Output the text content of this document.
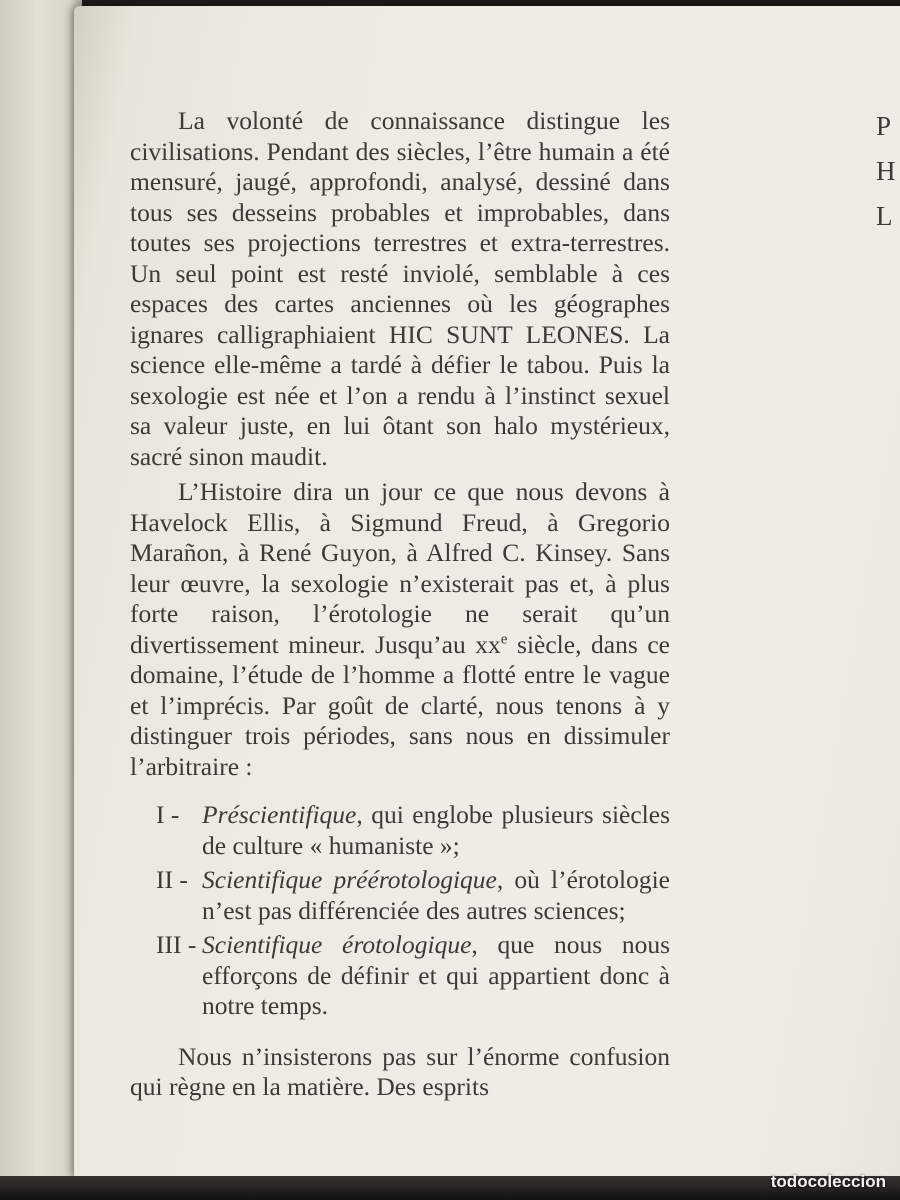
La volonté de connaissance distingue les civilisations. Pendant des siècles, l’être humain a été mensuré, jaugé, approfondi, analysé, dessiné dans tous ses desseins probables et improbables, dans toutes ses projections terrestres et extra-terrestres. Un seul point est resté inviolé, semblable à ces espaces des cartes anciennes où les géographes ignares calligraphiaient HIC SUNT LEONES. La science elle-même a tardé à défier le tabou. Puis la sexologie est née et l’on a rendu à l’instinct sexuel sa valeur juste, en lui ôtant son halo mystérieux, sacré sinon maudit.

L’Histoire dira un jour ce que nous devons à Havelock Ellis, à Sigmund Freud, à Gregorio Marañon, à René Guyon, à Alfred C. Kinsey. Sans leur œuvre, la sexologie n’existerait pas et, à plus forte raison, l’érotologie ne serait qu’un divertissement mineur. Jusqu’au $xx^e$ siècle, dans ce domaine, l’étude de l’homme a flotté entre le vague et l’imprécis. Par goût de clarté, nous tenons à y distinguer trois périodes, sans nous en dissimuler l’arbitraire :

I - Préscientifique, qui englobe plusieurs siècles de culture « humaniste »;
II - Scientifique préérotologique, où l’érotologie n’est pas différenciée des autres sciences;
III - Scientifique érotologique, que nous nous efforçons de définir et qui appartient donc à notre temps.

Nous n’insisterons pas sur l’énorme confusion qui règne en la matière. Des esprits

P
H
L
todocoleccion
